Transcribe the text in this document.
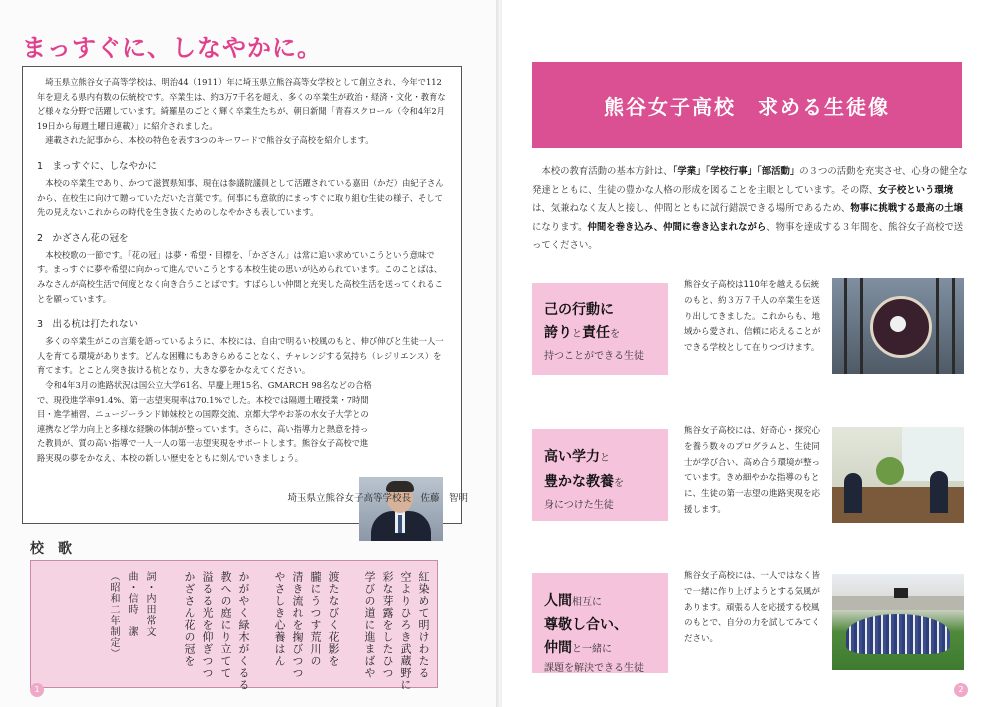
まっすぐに、しなやかに。

埼玉県立熊谷女子高等学校は、明治44（1911）年に埼玉県立熊谷高等女学校として創立され、今年で112年を迎える県内有数の伝統校です。卒業生は、約3万7千名を超え、多くの卒業生が政治・経済・文化・教育など様々な分野で活躍しています。綺羅星のごとく輝く卒業生たちが、朝日新聞「青春スクロール（令和4年2月19日から毎週土曜日連載）」に紹介されました。

連載された記事から、本校の特色を表す3つのキーワードで熊谷女子高校を紹介します。

1　まっすぐに、しなやかに

本校の卒業生であり、かつて滋賀県知事、現在は参議院議員として活躍されている嘉田（かだ）由紀子さんから、在校生に向けて贈っていただいた言葉です。何事にも意欲的にまっすぐに取り組む生徒の様子、そして先の見えないこれからの時代を生き抜くためのしなやかさも表しています。

2　かざさん花の冠を

本校校歌の一節です。「花の冠」は夢・希望・目標を、「かざさん」は常に追い求めていこうという意味です。まっすぐに夢や希望に向かって進んでいこうとする本校生徒の思いが込められています。このことばは、みなさんが高校生活で何度となく向き合うことばです。すばらしい仲間と充実した高校生活を送ってくれることを願っています。

3　出る杭は打たれない

多くの卒業生がこの言葉を語っているように、本校には、自由で明るい校風のもと、伸び伸びと生徒一人一人を育てる環境があります。どんな困難にもあきらめることなく、チャレンジする気持ち（レジリエンス）を育てます。とことん突き抜ける杭となり、大きな夢をかなえてください。

令和4年3月の進路状況は国公立大学61名、早慶上理15名、GMARCH 98名などの合格で、現役進学率91.4%、第一志望実現率は70.1%でした。本校では隔週土曜授業・7時間目・進学補習、ニュージーランド姉妹校との国際交流、京都大学やお茶の水女子大学との連携など学力向上と多様な経験の体制が整っています。さらに、高い指導力と熱意を持った教員が、質の高い指導で一人一人の第一志望実現をサポートします。熊谷女子高校で進路実現の夢をかなえ、本校の新しい歴史をともに刻んでいきましょう。

埼玉県立熊谷女子高等学校長　佐藤　智明
校　歌
紅染めて明けわたる
空よりひろき武蔵野に
彩な芽露をしたひつ
学びの道に進まばや
渡たなびく花影を
朧にうつす荒川の
清き流れを掬びつつ
やさしき心養はん
かがやく緑木がくるる
教への庭にり立てて
溢るる光を仰ぎつつ
かざさん花の冠を
詞・内田常文
曲・信時　潔
（昭和二年制定）
1
熊谷女子高校　求める生徒像

本校の教育活動の基本方針は、「学業」「学校行事」「部活動」の３つの活動を充実させ、心身の健全な発達とともに、生徒の豊かな人格の形成を図ることを主眼としています。その際、女子校という環境は、気兼ねなく友人と接し、仲間とともに試行錯誤できる場所であるため、物事に挑戦する最高の土壌になります。仲間を巻き込み、仲間に巻き込まれながら、物事を達成する３年間を、熊谷女子高校で送ってください。

己の行動に
誇りと責任を
持つことができる生徒

熊谷女子高校は110年を越える伝統のもと、約３万７千人の卒業生を送り出してきました。これからも、地域から愛され、信頼に応えることができる学校として在りつづけます。

高い学力と
豊かな教養を
身につけた生徒

熊谷女子高校には、好奇心・探究心を養う数々のプログラムと、生徒同士が学び合い、高め合う環境が整っています。きめ細やかな指導のもとに、生徒の第一志望の進路実現を応援します。

人間相互に
尊敬し合い、
仲間と一緒に
課題を解決できる生徒

熊谷女子高校には、一人ではなく皆で一緒に作り上げようとする気風があります。頑張る人を応援する校風のもとで、自分の力を試してみてください。

2
